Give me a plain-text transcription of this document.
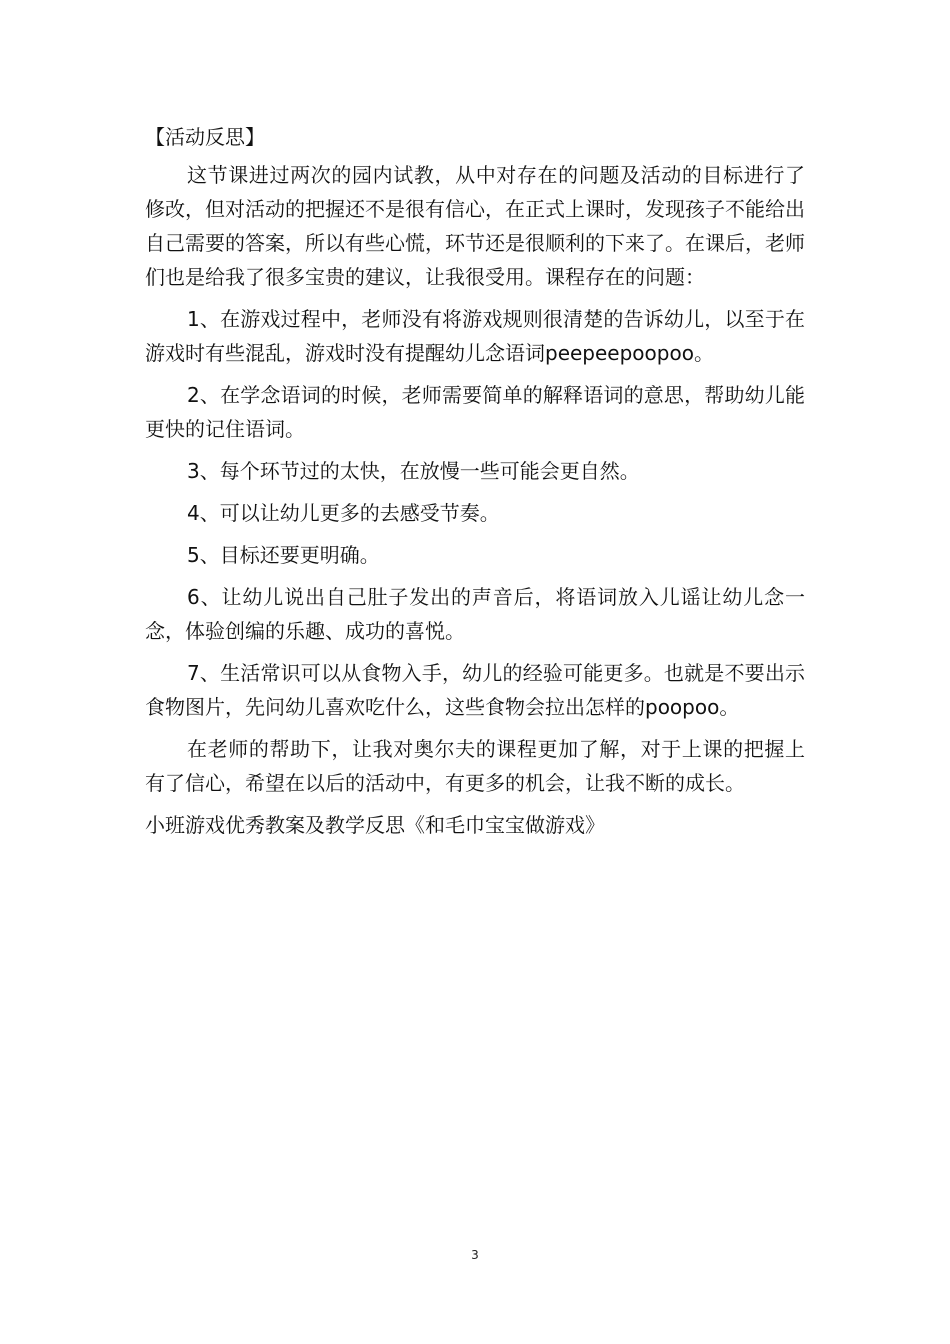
【活动反思】

这节课进过两次的园内试教，从中对存在的问题及活动的目标进行了修改，但对活动的把握还不是很有信心，在正式上课时，发现孩子不能给出自己需要的答案，所以有些心慌，环节还是很顺利的下来了。在课后，老师们也是给我了很多宝贵的建议，让我很受用。课程存在的问题：

1、在游戏过程中，老师没有将游戏规则很清楚的告诉幼儿，以至于在游戏时有些混乱，游戏时没有提醒幼儿念语词peepeepoopoo。

2、在学念语词的时候，老师需要简单的解释语词的意思，帮助幼儿能更快的记住语词。

3、每个环节过的太快，在放慢一些可能会更自然。

4、可以让幼儿更多的去感受节奏。

5、目标还要更明确。

6、让幼儿说出自己肚子发出的声音后，将语词放入儿谣让幼儿念一念，体验创编的乐趣、成功的喜悦。

7、生活常识可以从食物入手，幼儿的经验可能更多。也就是不要出示食物图片，先问幼儿喜欢吃什么，这些食物会拉出怎样的poopoo。

在老师的帮助下，让我对奥尔夫的课程更加了解，对于上课的把握上有了信心，希望在以后的活动中，有更多的机会，让我不断的成长。

小班游戏优秀教案及教学反思《和毛巾宝宝做游戏》

3
